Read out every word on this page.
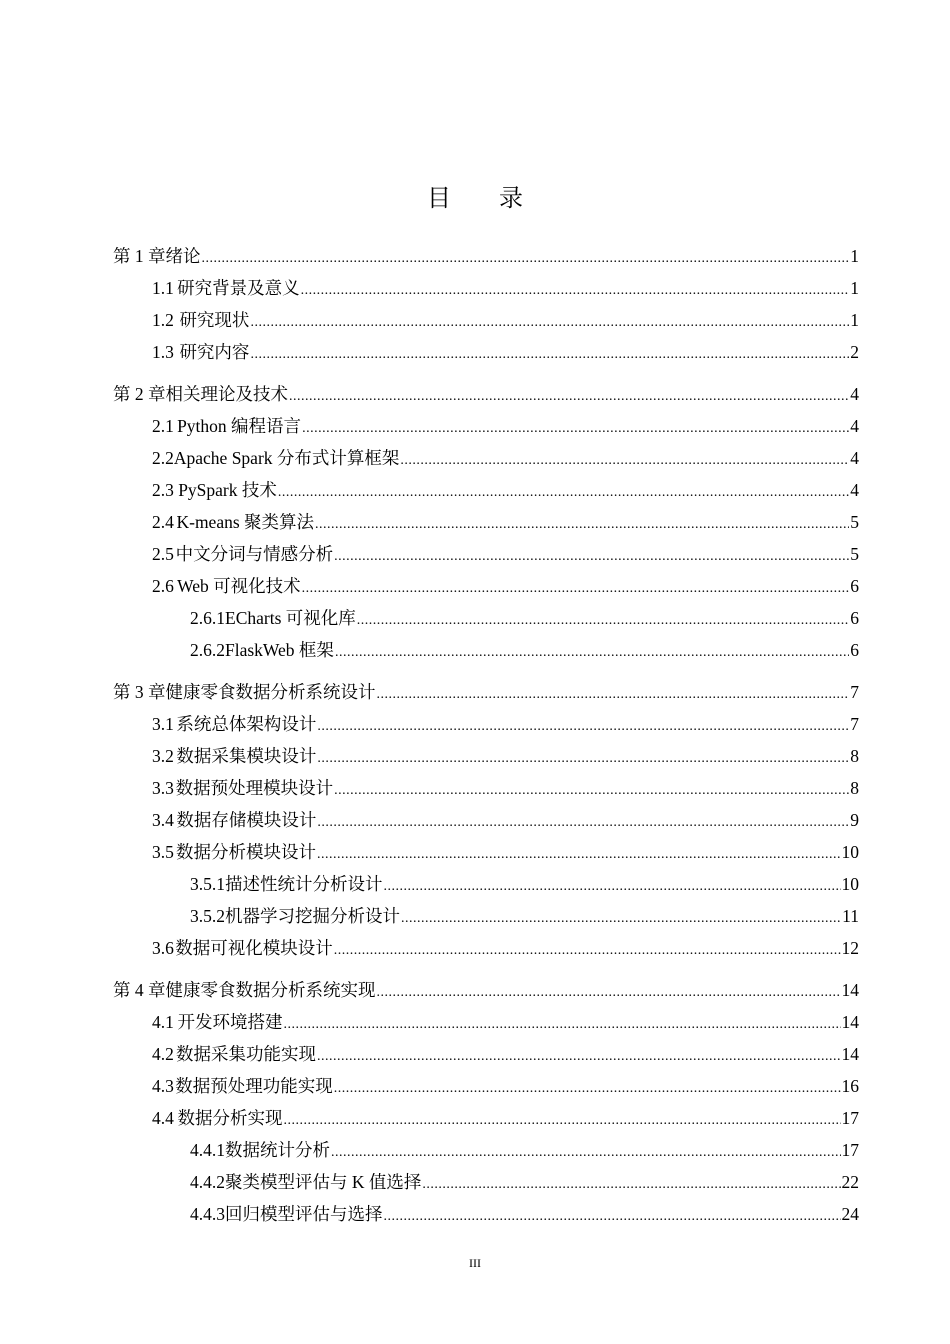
目 录
第 1 章 绪论 .....	1
1.1 研究背景及意义 .....	1
1.2 研究现状 .....	1
1.3 研究内容 .....	2
第 2 章 相关理论及技术 .....	4
2.1 Python 编程语言 .....	4
2.2 Apache Spark 分布式计算框架 .....	4
2.3 PySpark 技术 .....	4
2.4 K-means 聚类算法 .....	5
2.5 中文分词与情感分析 .....	5
2.6 Web 可视化技术 .....	6
2.6.1 ECharts 可视化库 .....	6
2.6.2 FlaskWeb 框架 .....	6
第 3 章 健康零食数据分析系统设计 .....	7
3.1 系统总体架构设计 .....	7
3.2 数据采集模块设计 .....	8
3.3 数据预处理模块设计 .....	8
3.4 数据存储模块设计 .....	9
3.5 数据分析模块设计 .....	10
3.5.1 描述性统计分析设计 .....	10
3.5.2 机器学习挖掘分析设计 .....	11
3.6 数据可视化模块设计 .....	12
第 4 章 健康零食数据分析系统实现 .....	14
4.1 开发环境搭建 .....	14
4.2 数据采集功能实现 .....	14
4.3 数据预处理功能实现 .....	16
4.4 数据分析实现 .....	17
4.4.1 数据统计分析 .....	17
4.4.2 聚类模型评估与 K 值选择 .....	22
4.4.3 回归模型评估与选择 .....	24
III
